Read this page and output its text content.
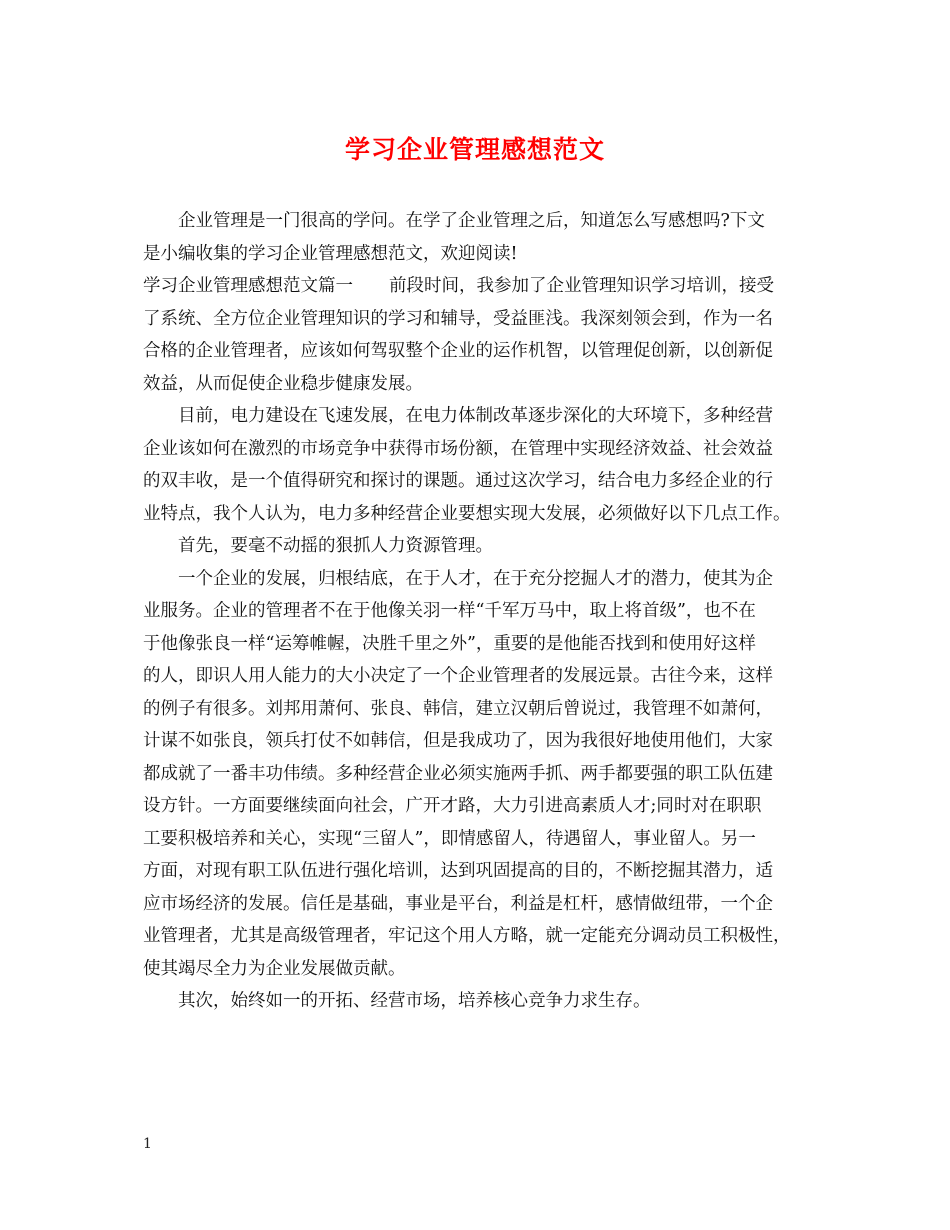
学习企业管理感想范文
企业管理是一门很高的学问。在学了企业管理之后，知道怎么写感想吗?下文
是小编收集的学习企业管理感想范文，欢迎阅读!
学习企业管理感想范文篇一 前段时间，我参加了企业管理知识学习培训，接受
了系统、全方位企业管理知识的学习和辅导，受益匪浅。我深刻领会到，作为一名
合格的企业管理者，应该如何驾驭整个企业的运作机智，以管理促创新，以创新促
效益，从而促使企业稳步健康发展。
目前，电力建设在飞速发展，在电力体制改革逐步深化的大环境下，多种经营
企业该如何在激烈的市场竞争中获得市场份额，在管理中实现经济效益、社会效益
的双丰收，是一个值得研究和探讨的课题。通过这次学习，结合电力多经企业的行
业特点，我个人认为，电力多种经营企业要想实现大发展，必须做好以下几点工作。
首先，要毫不动摇的狠抓人力资源管理。
一个企业的发展，归根结底，在于人才，在于充分挖掘人才的潜力，使其为企
业服务。企业的管理者不在于他像关羽一样“千军万马中，取上将首级”，也不在
于他像张良一样“运筹帷幄，决胜千里之外”，重要的是他能否找到和使用好这样
的人，即识人用人能力的大小决定了一个企业管理者的发展远景。古往今来，这样
的例子有很多。刘邦用萧何、张良、韩信，建立汉朝后曾说过，我管理不如萧何，
计谋不如张良，领兵打仗不如韩信，但是我成功了，因为我很好地使用他们，大家
都成就了一番丰功伟绩。多种经营企业必须实施两手抓、两手都要强的职工队伍建
设方针。一方面要继续面向社会，广开才路，大力引进高素质人才;同时对在职职
工要积极培养和关心，实现“三留人”，即情感留人，待遇留人，事业留人。另一
方面，对现有职工队伍进行强化培训，达到巩固提高的目的，不断挖掘其潜力，适
应市场经济的发展。信任是基础，事业是平台，利益是杠杆，感情做纽带，一个企
业管理者，尤其是高级管理者，牢记这个用人方略，就一定能充分调动员工积极性，
使其竭尽全力为企业发展做贡献。
其次，始终如一的开拓、经营市场，培养核心竞争力求生存。
1
